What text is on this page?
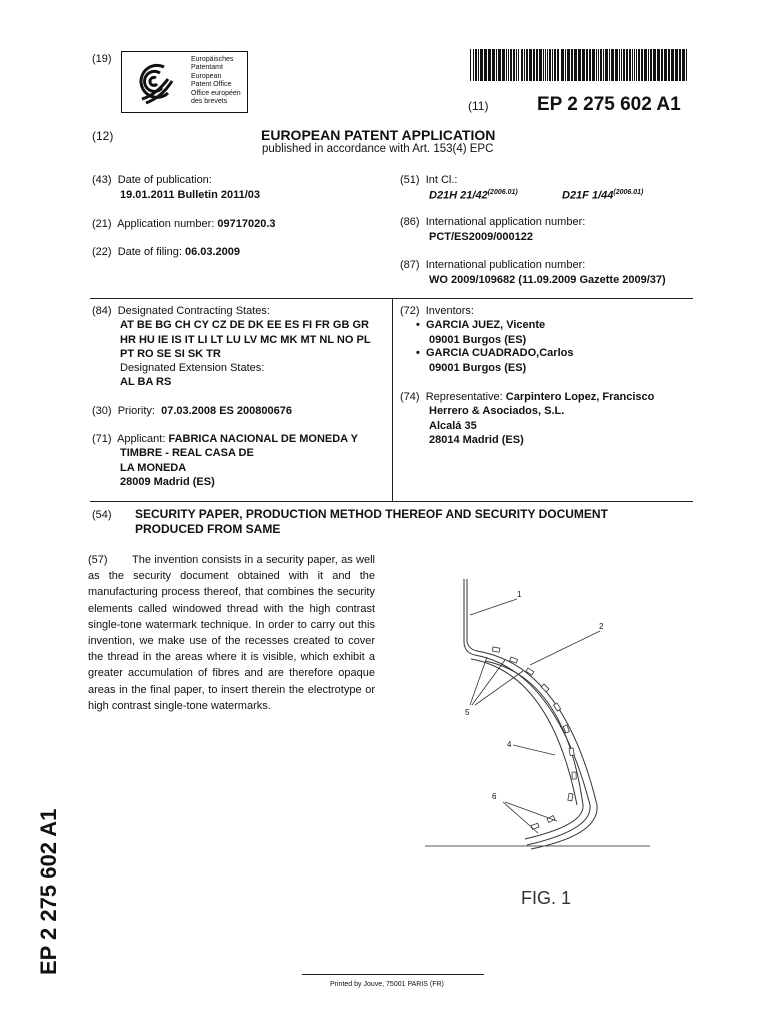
(19)	Europäisches
Patentamt
European
Patent Office
Office européen
des brevets	(11)	EP 2 275 602 A1
(12)	EUROPEAN PATENT APPLICATION
published in accordance with Art. 153(4) EPC
(43) Date of publication:
19.01.2011 Bulletin 2011/03
(21) Application number: 09717020.3
(22) Date of filing: 06.03.2009
(51) Int Cl.:
D21H $21/42^{(2006.01)}$	D21F $1/44^{(2006.01)}$
(86) International application number:
PCT/ES2009/000122
(87) International publication number:
WO 2009/109682 (11.09.2009 Gazette 2009/37)
(84) Designated Contracting States:
AT BE BG CH CY CZ DE DK EE ES FI FR GB GR
HR HU IE IS IT LI LT LU LV MC MK MT NL NO PL
PT RO SE SI SK TR
Designated Extension States:
AL BA RS
(30) Priority: 07.03.2008 ES 200800676
(71) Applicant: FABRICA NACIONAL DE MONEDA Y
TIMBRE - REAL CASA DE
LA MONEDA
28009 Madrid (ES)
(72) Inventors:
•  GARCIA JUEZ, Vicente
09001 Burgos (ES)
•  GARCIA CUADRADO,Carlos
09001 Burgos (ES)
(74) Representative: Carpintero Lopez, Francisco
Herrero & Asociados, S.L.
Alcalá 35
28014 Madrid (ES)
(54) SECURITY PAPER, PRODUCTION METHOD THEREOF AND SECURITY DOCUMENT
PRODUCED FROM SAME
(57) The invention consists in a security paper, as well as the security document obtained with it and the manufacturing process thereof, that combines the security elements called windowed thread with the high contrast single-tone watermark technique. In order to carry out this invention, we make use of the recesses created to cover the thread in the areas where it is visible, which exhibit a greater accumulation of fibres and are therefore opaque areas in the final paper, to insert therein the electrotype or high contrast single-tone watermarks.
1
2
4
5
6
FIG. 1
EP 2 275 602 A1
Printed by Jouve, 75001 PARIS (FR)
